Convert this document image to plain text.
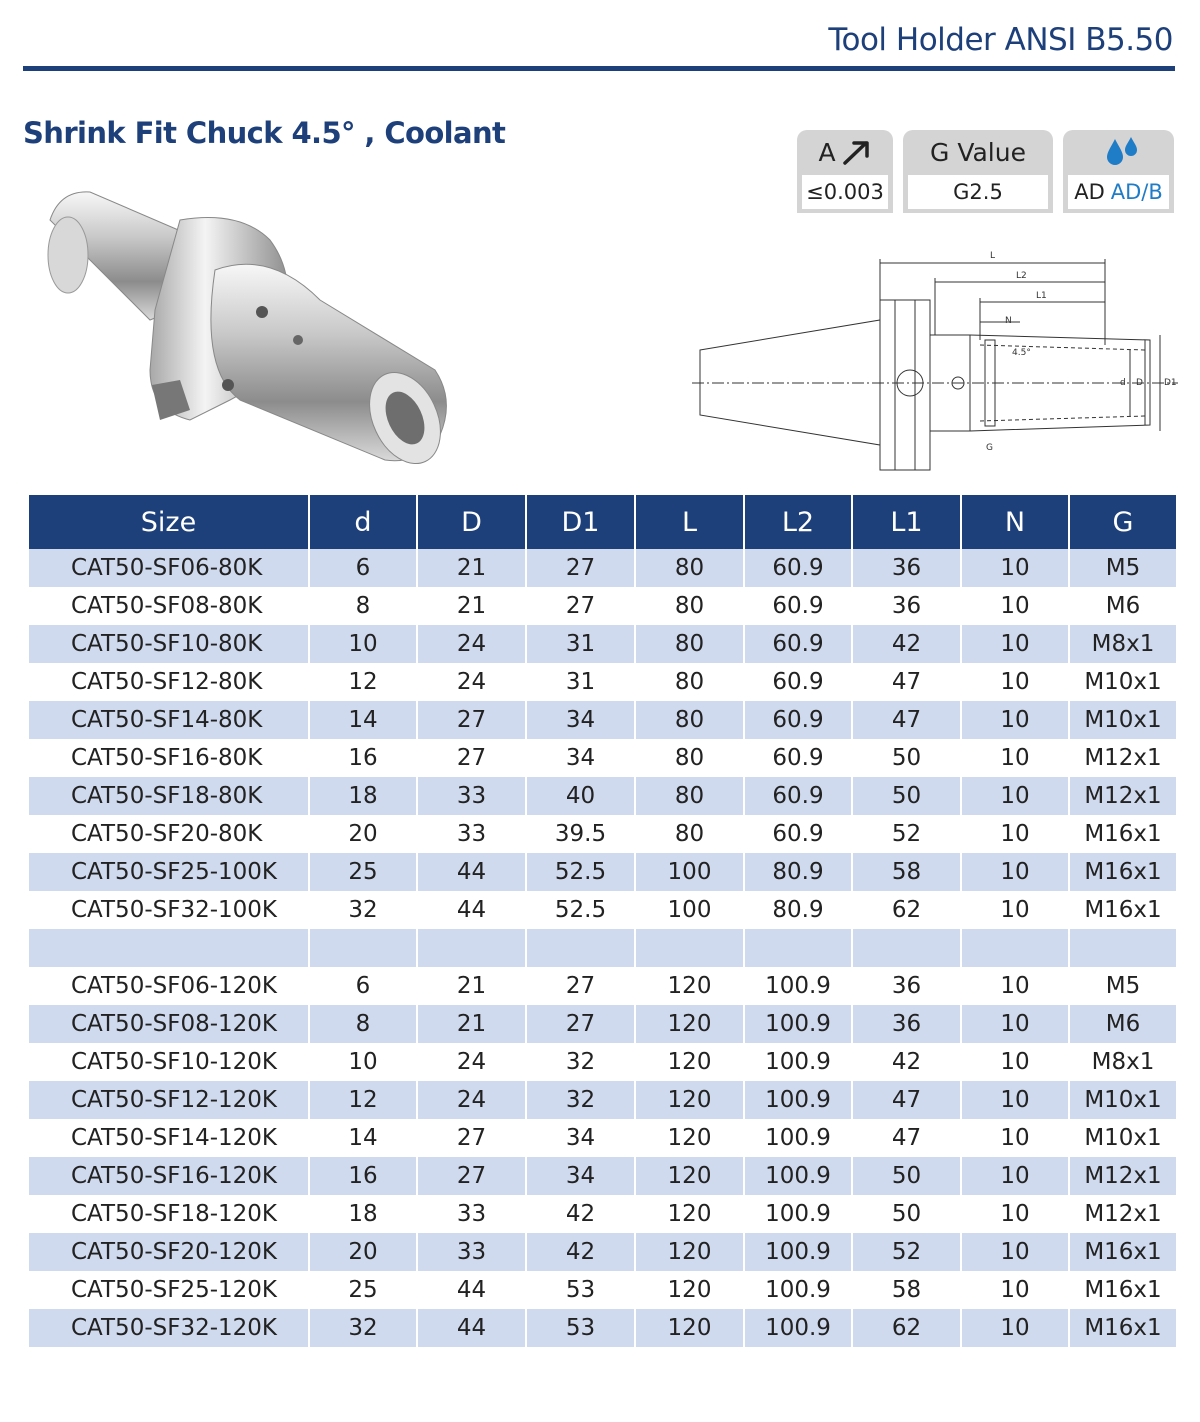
Tool Holder ANSI B5.50
Shrink Fit Chuck 4.5° , Coolant
A
≤0.003
G Value
G2.5	AD AD/B
L
L2
L1
N
4.5°
d D D1
G
Size	d	D	D1	L	L2	L1	N	G
CAT50-SF06-80K	6	21	27	80	60.9	36	10	M5
CAT50-SF08-80K	8	21	27	80	60.9	36	10	M6
CAT50-SF10-80K	10	24	31	80	60.9	42	10	M8x1
CAT50-SF12-80K	12	24	31	80	60.9	47	10	M10x1
CAT50-SF14-80K	14	27	34	80	60.9	47	10	M10x1
CAT50-SF16-80K	16	27	34	80	60.9	50	10	M12x1
CAT50-SF18-80K	18	33	40	80	60.9	50	10	M12x1
CAT50-SF20-80K	20	33	39.5	80	60.9	52	10	M16x1
CAT50-SF25-100K	25	44	52.5	100	80.9	58	10	M16x1
CAT50-SF32-100K	32	44	52.5	100	80.9	62	10	M16x1

CAT50-SF06-120K	6	21	27	120	100.9	36	10	M5
CAT50-SF08-120K	8	21	27	120	100.9	36	10	M6
CAT50-SF10-120K	10	24	32	120	100.9	42	10	M8x1
CAT50-SF12-120K	12	24	32	120	100.9	47	10	M10x1
CAT50-SF14-120K	14	27	34	120	100.9	47	10	M10x1
CAT50-SF16-120K	16	27	34	120	100.9	50	10	M12x1
CAT50-SF18-120K	18	33	42	120	100.9	50	10	M12x1
CAT50-SF20-120K	20	33	42	120	100.9	52	10	M16x1
CAT50-SF25-120K	25	44	53	120	100.9	58	10	M16x1
CAT50-SF32-120K	32	44	53	120	100.9	62	10	M16x1
